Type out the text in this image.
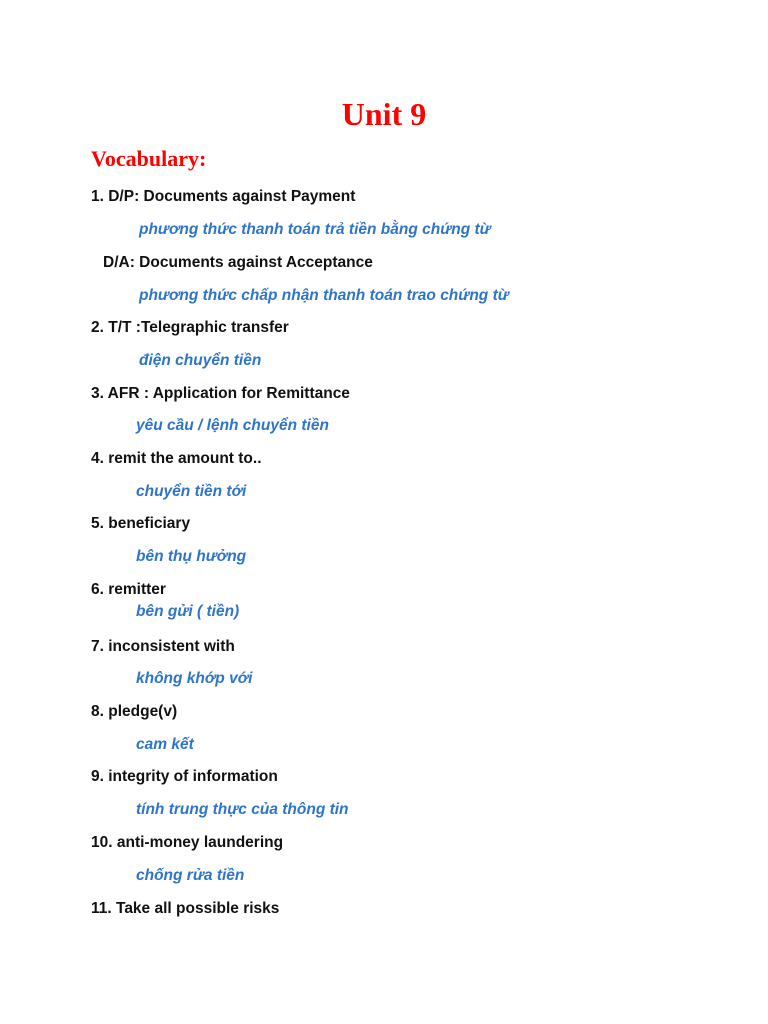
Unit 9
Vocabulary:
1. D/P: Documents against Payment
phương thức thanh toán trả tiền bằng chứng từ
D/A: Documents against Acceptance
phương thức chấp nhận thanh toán trao chứng từ
2. T/T :Telegraphic transfer
điện chuyển tiền
3. AFR : Application for Remittance
yêu cầu / lệnh chuyển tiền
4. remit the amount to..
chuyển tiền tới
5. beneficiary
bên thụ hưởng
6. remitter
bên gửi ( tiền)
7. inconsistent with
không khớp với
8. pledge(v)
cam kết
9. integrity of information
tính trung thực của thông tin
10. anti-money laundering
chống rửa tiền
11. Take all possible risks
